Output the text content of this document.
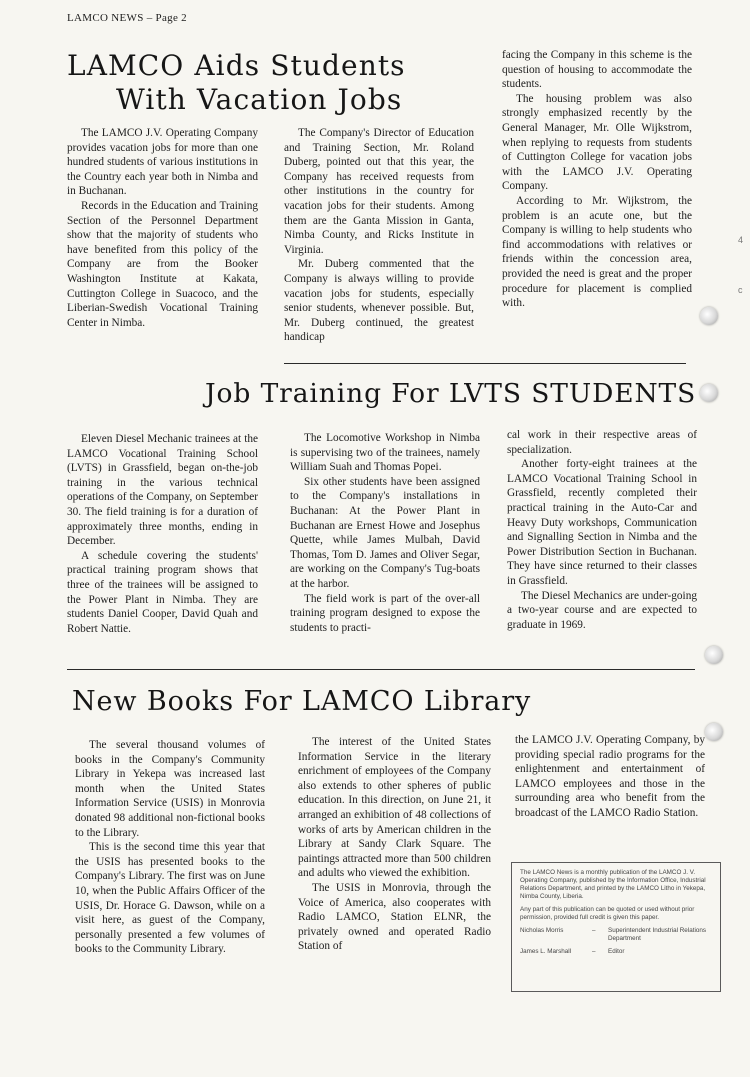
LAMCO NEWS – Page 2
LAMCO Aids Students
With Vacation Jobs

The LAMCO J.V. Operating Company provides vacation jobs for more than one hundred students of various institutions in the Country each year both in Nimba and in Buchanan.

Records in the Education and Training Section of the Personnel Department show that the majority of students who have benefited from this policy of the Company are from the Booker Washington Institute at Kakata, Cuttington College in Suacoco, and the Liberian-Swedish Vocational Training Center in Nimba.

The Company's Director of Education and Training Section, Mr. Roland Duberg, pointed out that this year, the Company has received requests from other institutions in the country for vacation jobs for their students. Among them are the Ganta Mission in Ganta, Nimba County, and Ricks Institute in Virginia.

Mr. Duberg commented that the Company is always willing to provide vacation jobs for students, especially senior students, whenever possible. But, Mr. Duberg continued, the greatest handicap

facing the Company in this scheme is the question of housing to accommodate the students.

The housing problem was also strongly emphasized recently by the General Manager, Mr. Olle Wijkstrom, when replying to requests from students of Cuttington College for vacation jobs with the LAMCO J.V. Operating Company.

According to Mr. Wijkstrom, the problem is an acute one, but the Company is willing to help students who find accommodations with relatives or friends within the concession area, provided the need is great and the proper procedure for placement is complied with.

Job Training For LVTS STUDENTS

Eleven Diesel Mechanic trainees at the LAMCO Vocational Training School (LVTS) in Grassfield, began on-the-job training in the various technical operations of the Company, on September 30. The field training is for a duration of approximately three months, ending in December.

A schedule covering the students' practical training program shows that three of the trainees will be assigned to the Power Plant in Nimba. They are students Daniel Cooper, David Quah and Robert Nattie.

The Locomotive Workshop in Nimba is supervising two of the trainees, namely William Suah and Thomas Popei.

Six other students have been assigned to the Company's installations in Buchanan: At the Power Plant in Buchanan are Ernest Howe and Josephus Quette, while James Mulbah, David Thomas, Tom D. James and Oliver Segar, are working on the Company's Tug-boats at the harbor.

The field work is part of the over-all training program designed to expose the students to practi-

cal work in their respective areas of specialization.

Another forty-eight trainees at the LAMCO Vocational Training School in Grassfield, recently completed their practical training in the Auto-Car and Heavy Duty workshops, Communication and Signalling Section in Nimba and the Power Distribution Section in Buchanan. They have since returned to their classes in Grassfield.

The Diesel Mechanics are under-going a two-year course and are expected to graduate in 1969.

New Books For LAMCO Library

The several thousand volumes of books in the Company's Community Library in Yekepa was increased last month when the United States Information Service (USIS) in Monrovia donated 98 additional non-fictional books to the Library.

This is the second time this year that the USIS has presented books to the Company's Library. The first was on June 10, when the Public Affairs Officer of the USIS, Dr. Horace G. Dawson, while on a visit here, as guest of the Company, personally presented a few volumes of books to the Community Library.

The interest of the United States Information Service in the literary enrichment of employees of the Company also extends to other spheres of public education. In this direction, on June 21, it arranged an exhibition of 48 collections of works of arts by American children in the Library at Sandy Clark Square. The paintings attracted more than 500 children and adults who viewed the exhibition.

The USIS in Monrovia, through the Voice of America, also cooperates with Radio LAMCO, Station ELNR, the privately owned and operated Radio Station of

the LAMCO J.V. Operating Company, by providing special radio programs for the enlightenment and entertainment of LAMCO employees and those in the surrounding area who benefit from the broadcast of the LAMCO Radio Station.

The LAMCO News is a monthly publication of the LAMCO J. V. Operating Company, published by the Information Office, Industrial Relations Department, and printed by the LAMCO Litho in Yekepa, Nimba County, Liberia.

Any part of this publication can be quoted or used without prior permission, provided full credit is given this paper.

Nicholas Morris	–	Superintendent Industrial Relations Department
James L. Marshall	–	Editor
4
c
